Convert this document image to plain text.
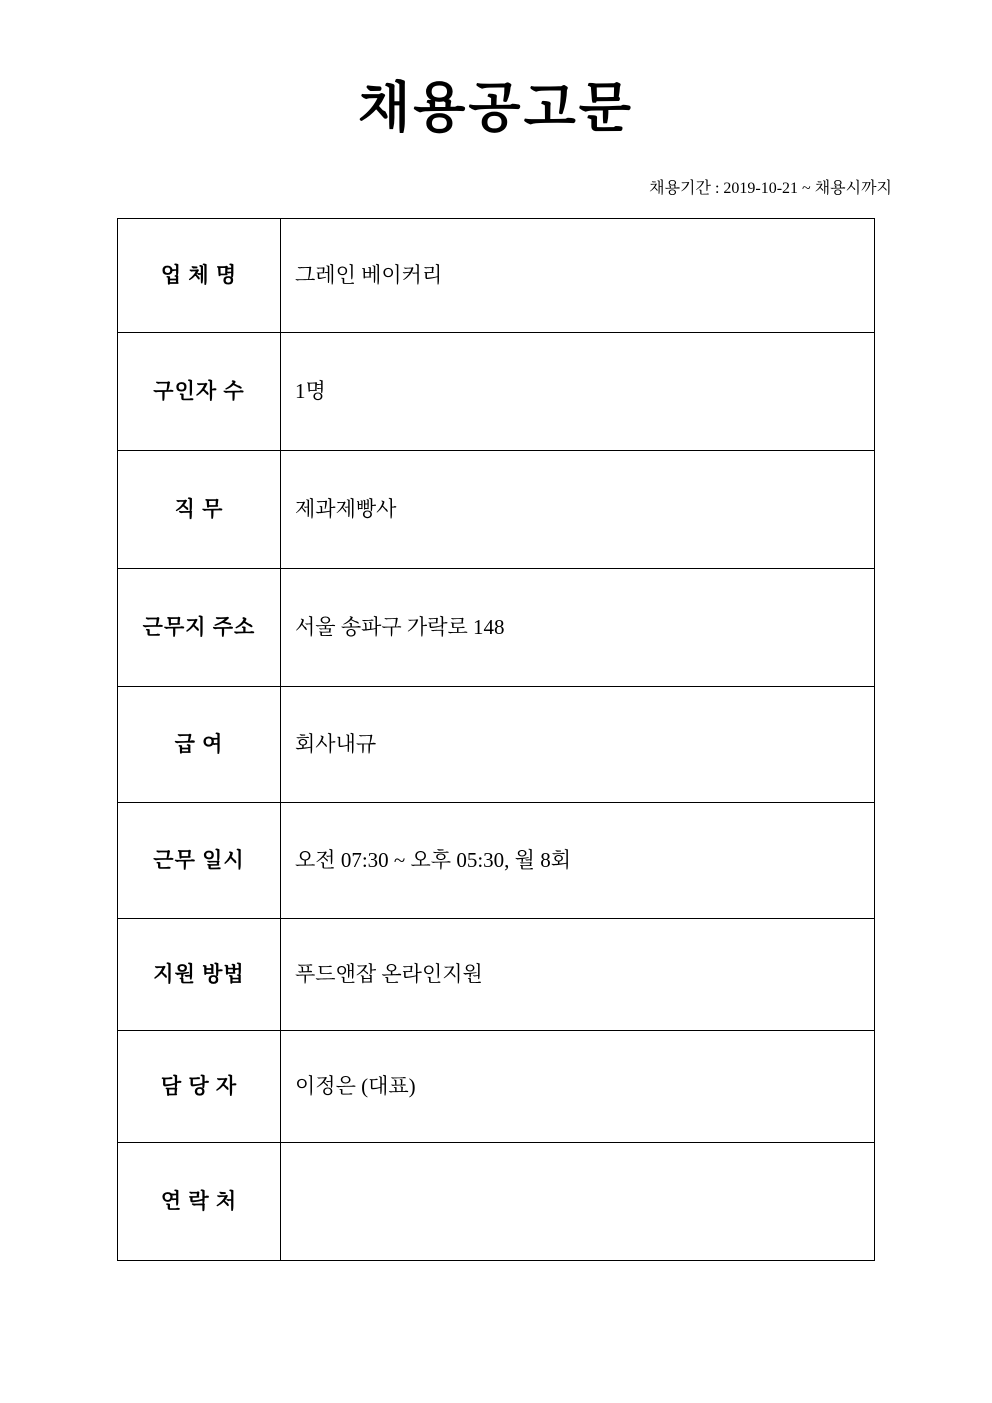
채용공고문
채용기간 : 2019-10-21 ~ 채용시까지
업 체 명	그레인 베이커리
구인자 수	1명
직 무	제과제빵사
근무지 주소	서울 송파구 가락로 148
급 여	회사내규
근무 일시	오전 07:30 ~ 오후 05:30, 월 8회
지원 방법	푸드앤잡 온라인지원
담 당 자	이정은 (대표)
연 락 처	
